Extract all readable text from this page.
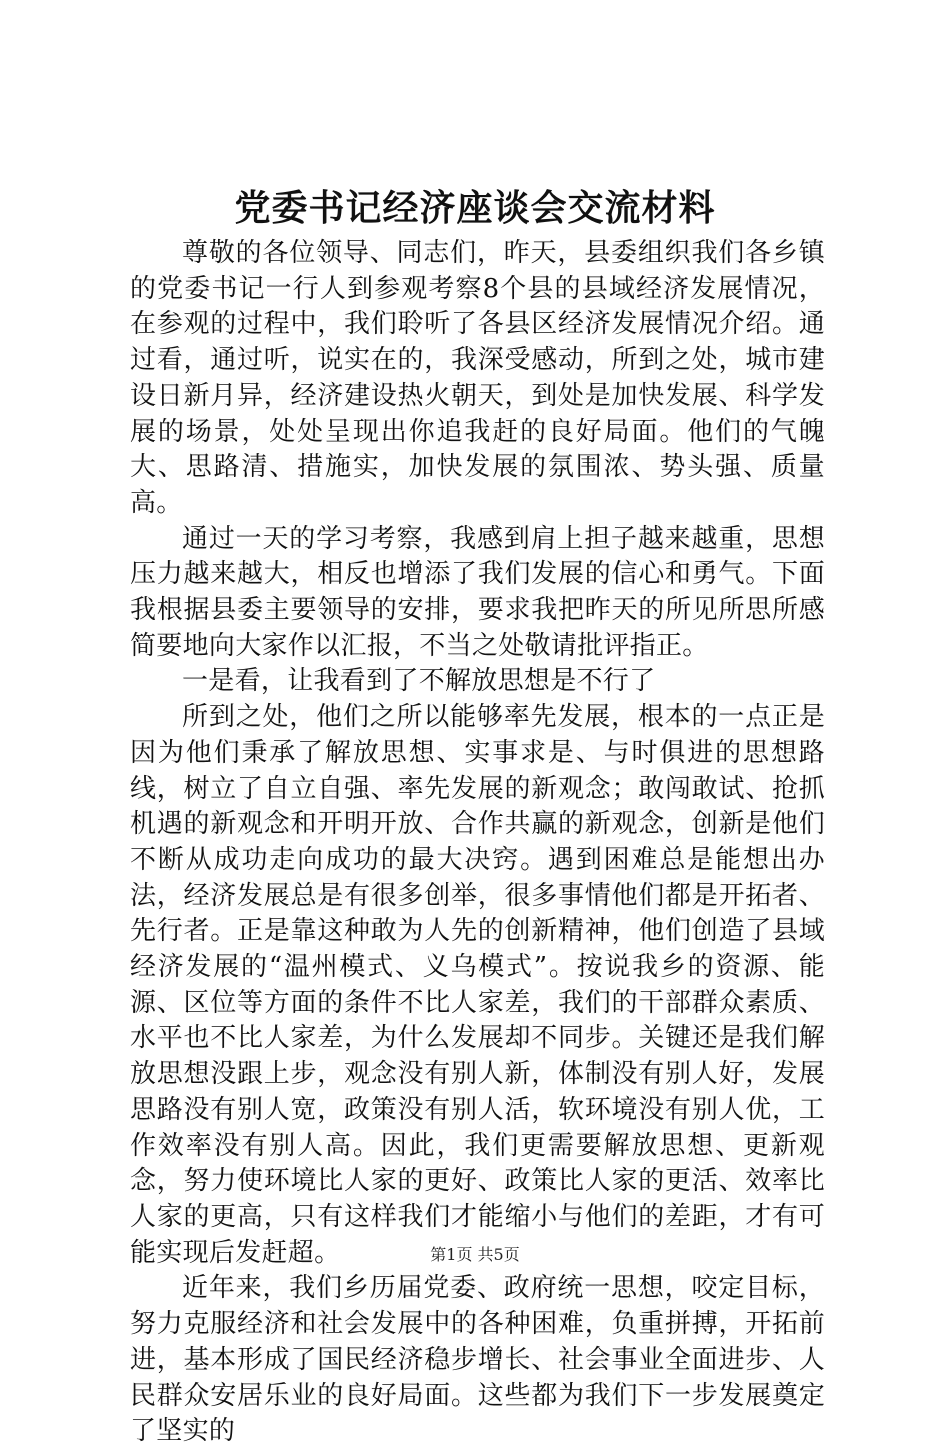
党委书记经济座谈会交流材料

尊敬的各位领导、同志们，昨天，县委组织我们各乡镇的党委书记一行人到参观考察8个县的县域经济发展情况，在参观的过程中，我们聆听了各县区经济发展情况介绍。通过看，通过听，说实在的，我深受感动，所到之处，城市建设日新月异，经济建设热火朝天，到处是加快发展、科学发展的场景，处处呈现出你追我赶的良好局面。他们的气魄大、思路清、措施实，加快发展的氛围浓、势头强、质量高。

通过一天的学习考察，我感到肩上担子越来越重，思想压力越来越大，相反也增添了我们发展的信心和勇气。下面我根据县委主要领导的安排，要求我把昨天的所见所思所感简要地向大家作以汇报，不当之处敬请批评指正。

一是看，让我看到了不解放思想是不行了

所到之处，他们之所以能够率先发展，根本的一点正是因为他们秉承了解放思想、实事求是、与时俱进的思想路线，树立了自立自强、率先发展的新观念；敢闯敢试、抢抓机遇的新观念和开明开放、合作共赢的新观念，创新是他们不断从成功走向成功的最大决窍。遇到困难总是能想出办法，经济发展总是有很多创举，很多事情他们都是开拓者、先行者。正是靠这种敢为人先的创新精神，他们创造了县域经济发展的“温州模式、义乌模式”。按说我乡的资源、能源、区位等方面的条件不比人家差，我们的干部群众素质、水平也不比人家差，为什么发展却不同步。关键还是我们解放思想没跟上步，观念没有别人新，体制没有别人好，发展思路没有别人宽，政策没有别人活，软环境没有别人优，工作效率没有别人高。因此，我们更需要解放思想、更新观念，努力使环境比人家的更好、政策比人家的更活、效率比人家的更高，只有这样我们才能缩小与他们的差距，才有可能实现后发赶超。

近年来，我们乡历届党委、政府统一思想，咬定目标，努力克服经济和社会发展中的各种困难，负重拼搏，开拓前进，基本形成了国民经济稳步增长、社会事业全面进步、人民群众安居乐业的良好局面。这些都为我们下一步发展奠定了坚实的

第1页 共5页
